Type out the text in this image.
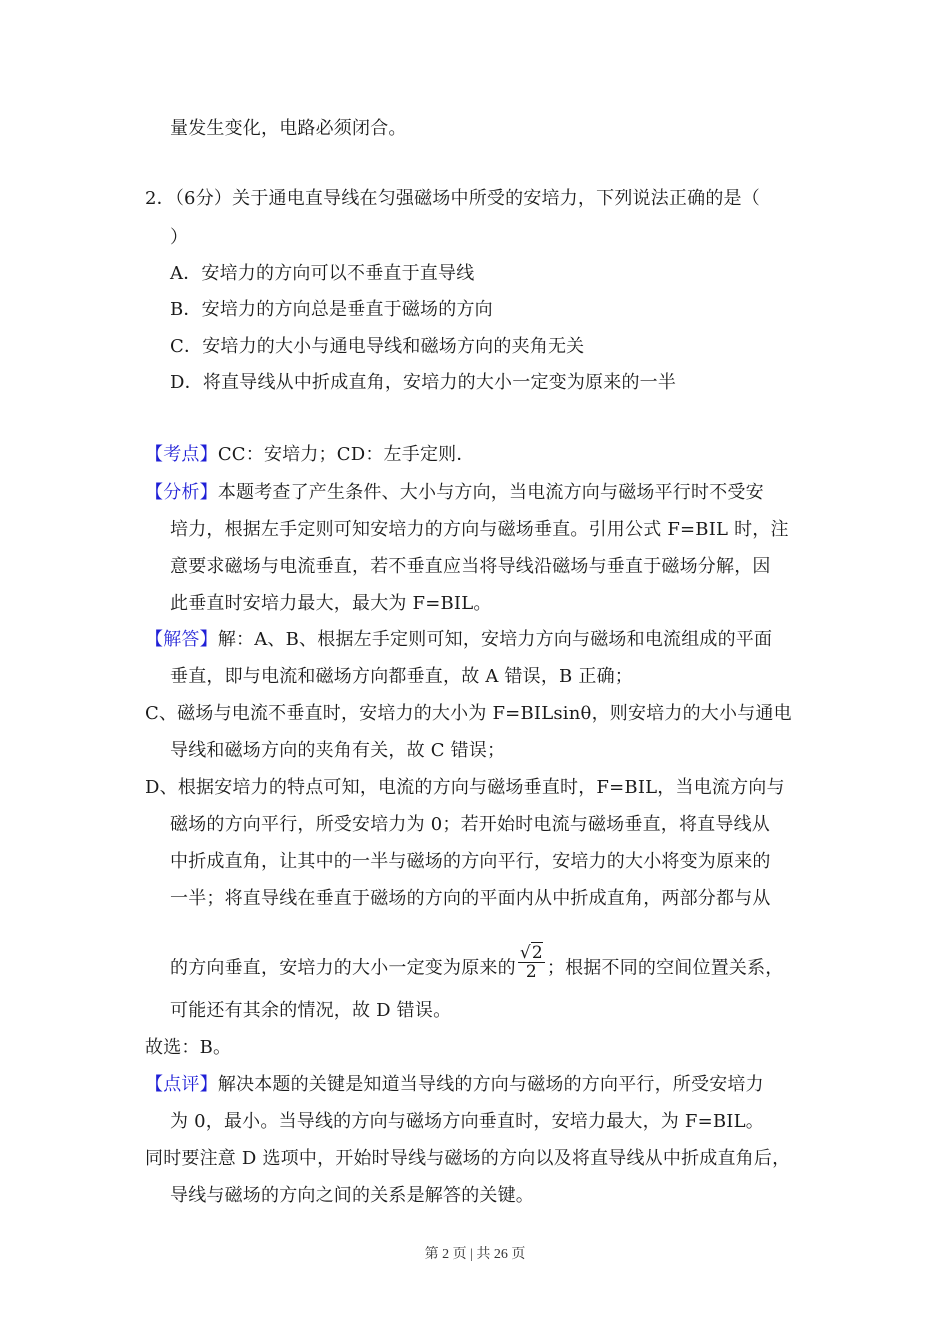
量发生变化，电路必须闭合。
2．（6分）关于通电直导线在匀强磁场中所受的安培力，下列说法正确的是（
）
A．安培力的方向可以不垂直于直导线
B．安培力的方向总是垂直于磁场的方向
C．安培力的大小与通电导线和磁场方向的夹角无关
D．将直导线从中折成直角，安培力的大小一定变为原来的一半
【考点】CC：安培力；CD：左手定则．
【分析】本题考查了产生条件、大小与方向，当电流方向与磁场平行时不受安
培力，根据左手定则可知安培力的方向与磁场垂直。引用公式 F=BIL 时，注
意要求磁场与电流垂直，若不垂直应当将导线沿磁场与垂直于磁场分解，因
此垂直时安培力最大，最大为 F=BIL。
【解答】解：A、B、根据左手定则可知，安培力方向与磁场和电流组成的平面
垂直，即与电流和磁场方向都垂直，故 A 错误，B 正确；
C、磁场与电流不垂直时，安培力的大小为 F=BILsinθ，则安培力的大小与通电
导线和磁场方向的夹角有关，故 C 错误；
D、根据安培力的特点可知，电流的方向与磁场垂直时，F=BIL，当电流方向与
磁场的方向平行，所受安培力为 0；若开始时电流与磁场垂直，将直导线从
中折成直角，让其中的一半与磁场的方向平行，安培力的大小将变为原来的
一半；将直导线在垂直于磁场的方向的平面内从中折成直角，两部分都与从
的方向垂直，安培力的大小一定变为原来的 $\frac{√2}{2}$ ；根据不同的空间位置关系，
可能还有其余的情况，故 D 错误。
故选：B。
【点评】解决本题的关键是知道当导线的方向与磁场的方向平行，所受安培力
为 0，最小。当导线的方向与磁场方向垂直时，安培力最大，为 F=BIL。
同时要注意 D 选项中，开始时导线与磁场的方向以及将直导线从中折成直角后，
导线与磁场的方向之间的关系是解答的关键。
第 2 页 | 共 26 页
